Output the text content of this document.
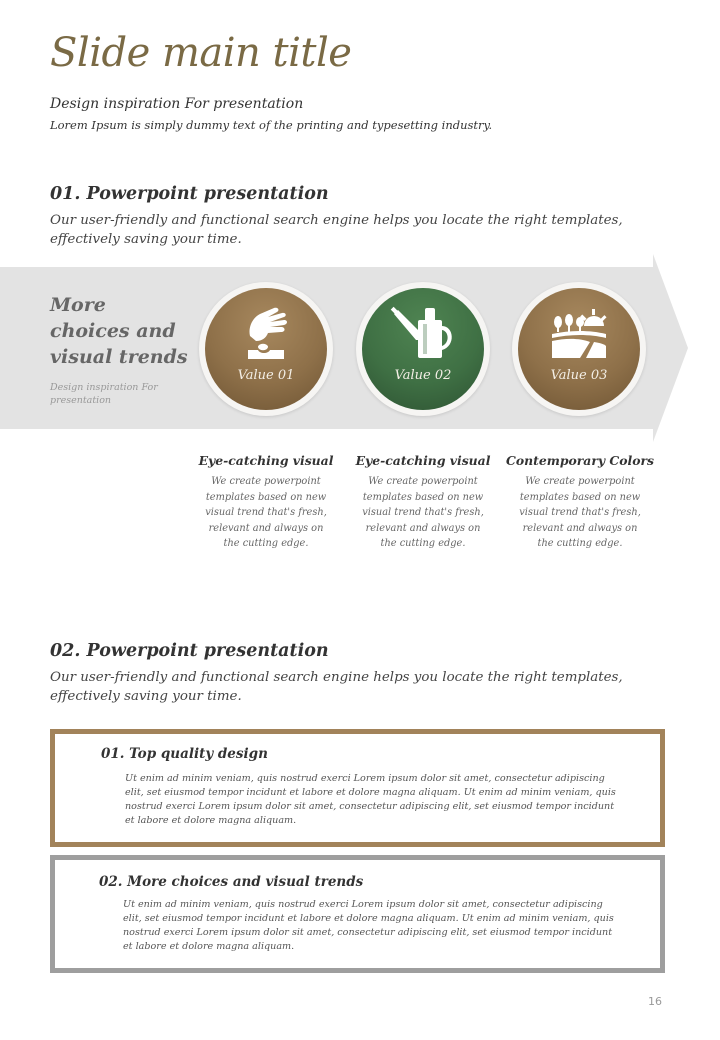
Slide main title
Design inspiration For presentation
Lorem Ipsum is simply dummy text of the printing and typesetting industry.
01. Powerpoint presentation
Our user-friendly and functional search engine helps you locate the right templates, effectively saving your time.
More choices and visual trends
Design inspiration For presentation
Value 01	Value 02	Value 03
Eye-catching visual
We create powerpoint templates based on new visual trend that's fresh, relevant and always on the cutting edge.
Eye-catching visual
We create powerpoint templates based on new visual trend that's fresh, relevant and always on the cutting edge.
Contemporary Colors
We create powerpoint templates based on new visual trend that's fresh, relevant and always on the cutting edge.
02. Powerpoint presentation
Our user-friendly and functional search engine helps you locate the right templates, effectively saving your time.
01. Top quality design
Ut enim ad minim veniam, quis nostrud exerci Lorem ipsum dolor sit amet, consectetur adipiscing elit, set eiusmod tempor incidunt et labore et dolore magna aliquam. Ut enim ad minim veniam, quis nostrud exerci Lorem ipsum dolor sit amet, consectetur adipiscing elit, set eiusmod tempor incidunt et labore et dolore magna aliquam.
02. More choices and visual trends
Ut enim ad minim veniam, quis nostrud exerci Lorem ipsum dolor sit amet, consectetur adipiscing elit, set eiusmod tempor incidunt et labore et dolore magna aliquam. Ut enim ad minim veniam, quis nostrud exerci Lorem ipsum dolor sit amet, consectetur adipiscing elit, set eiusmod tempor incidunt et labore et dolore magna aliquam.
16
